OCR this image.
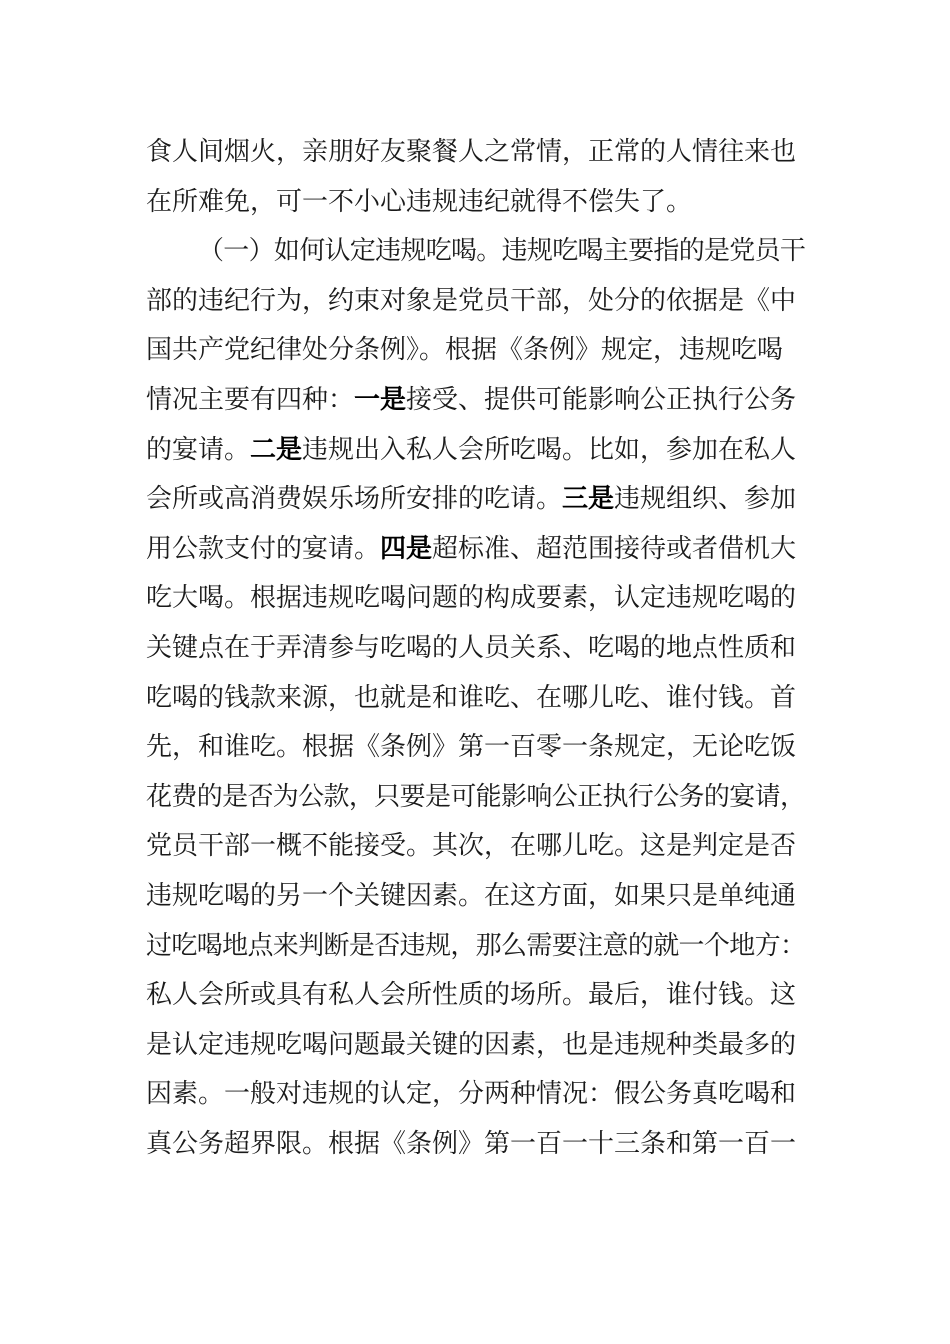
食人间烟火，亲朋好友聚餐人之常情，正常的人情往来也
在所难免，可一不小心违规违纪就得不偿失了。
（一）如何认定违规吃喝。违规吃喝主要指的是党员干
部的违纪行为，约束对象是党员干部，处分的依据是《中
国共产党纪律处分条例》。根据《条例》规定，违规吃喝
情况主要有四种：一是接受、提供可能影响公正执行公务
的宴请。二是违规出入私人会所吃喝。比如，参加在私人
会所或高消费娱乐场所安排的吃请。三是违规组织、参加
用公款支付的宴请。四是超标准、超范围接待或者借机大
吃大喝。根据违规吃喝问题的构成要素，认定违规吃喝的
关键点在于弄清参与吃喝的人员关系、吃喝的地点性质和
吃喝的钱款来源，也就是和谁吃、在哪儿吃、谁付钱。首
先，和谁吃。根据《条例》第一百零一条规定，无论吃饭
花费的是否为公款，只要是可能影响公正执行公务的宴请，
党员干部一概不能接受。其次，在哪儿吃。这是判定是否
违规吃喝的另一个关键因素。在这方面，如果只是单纯通
过吃喝地点来判断是否违规，那么需要注意的就一个地方：
私人会所或具有私人会所性质的场所。最后，谁付钱。这
是认定违规吃喝问题最关键的因素，也是违规种类最多的
因素。一般对违规的认定，分两种情况：假公务真吃喝和
真公务超界限。根据《条例》第一百一十三条和第一百一
